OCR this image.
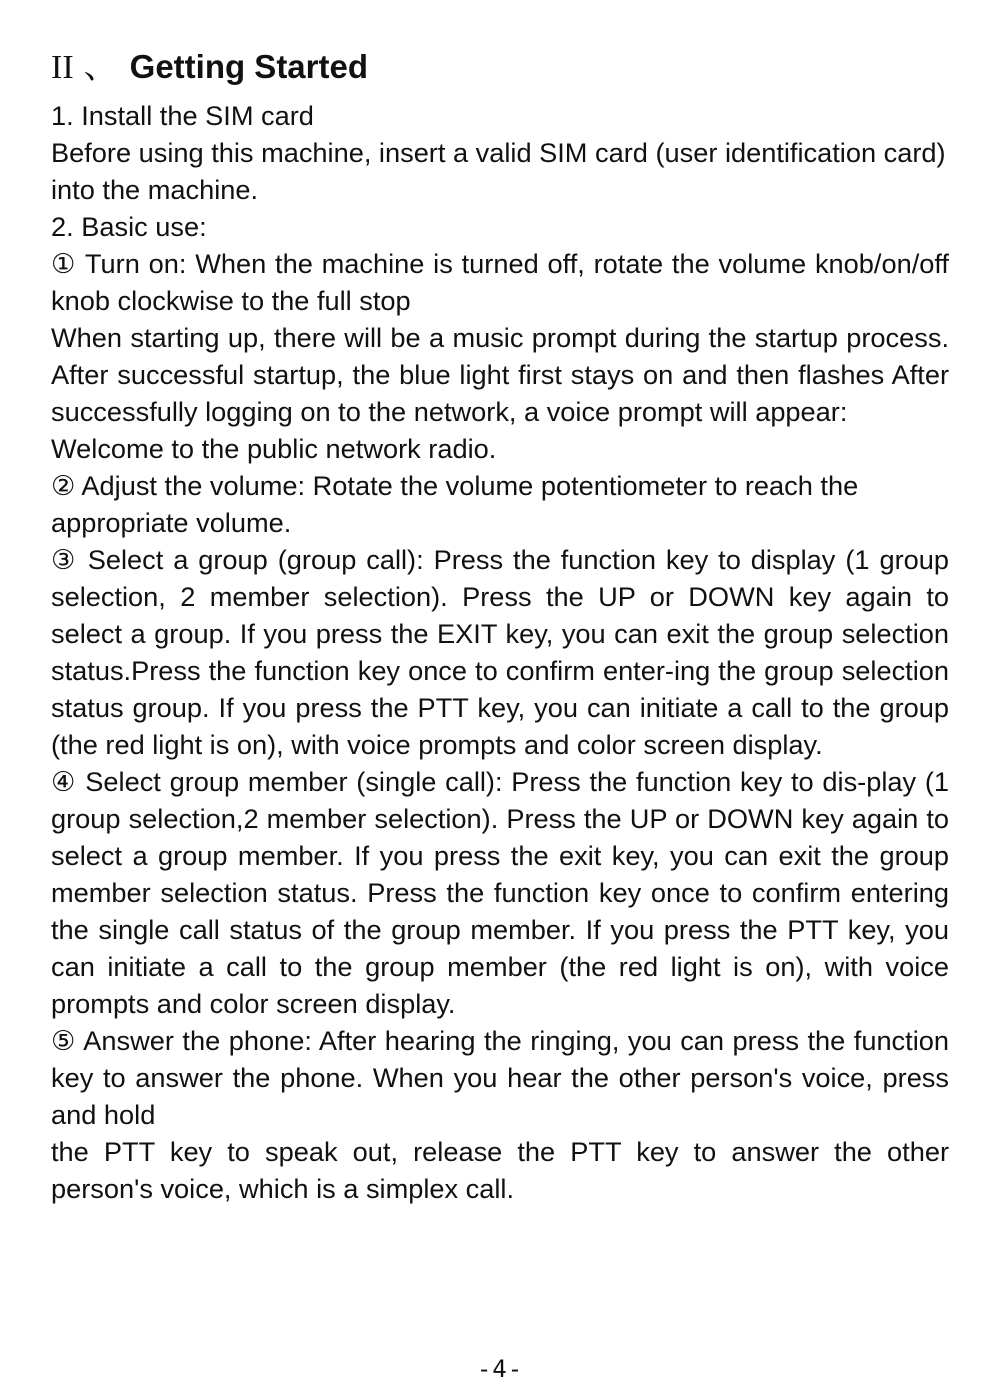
II 、 Getting Started

1. Install the SIM card

Before using this machine, insert a valid SIM card (user identification card) into the machine.

2. Basic use:

① Turn on: When the machine is turned off, rotate the volume knob/on/off knob clockwise to the full stop

When starting up, there will be a music prompt during the startup process. After successful startup, the blue light first stays on and then flashes After successfully logging on to the network, a voice prompt will appear:

Welcome to the public network radio.

② Adjust the volume: Rotate the volume potentiometer to reach the appropriate volume.

③ Select a group (group call): Press the function key to display (1 group selection, 2 member selection). Press the UP or DOWN key again to select a group. If you press the EXIT key, you can exit the group selection status.Press the function key once to confirm enter-ing the group selection status group. If you press the PTT key, you can initiate a call to the group (the red light is on), with voice prompts and color screen display.

④ Select group member (single call): Press the function key to dis-play (1 group selection,2 member selection). Press the UP or DOWN key again to select a group member. If you press the exit key, you can exit the group member selection status. Press the function key once to confirm entering the single call status of the group member. If you press the PTT key, you can initiate a call to the group member (the red light is on), with voice prompts and color screen display.

⑤ Answer the phone: After hearing the ringing, you can press the function key to answer the phone. When you hear the other person's voice, press and hold

the PTT key to speak out, release the PTT key to answer the other person's voice, which is a simplex call.

-4-
